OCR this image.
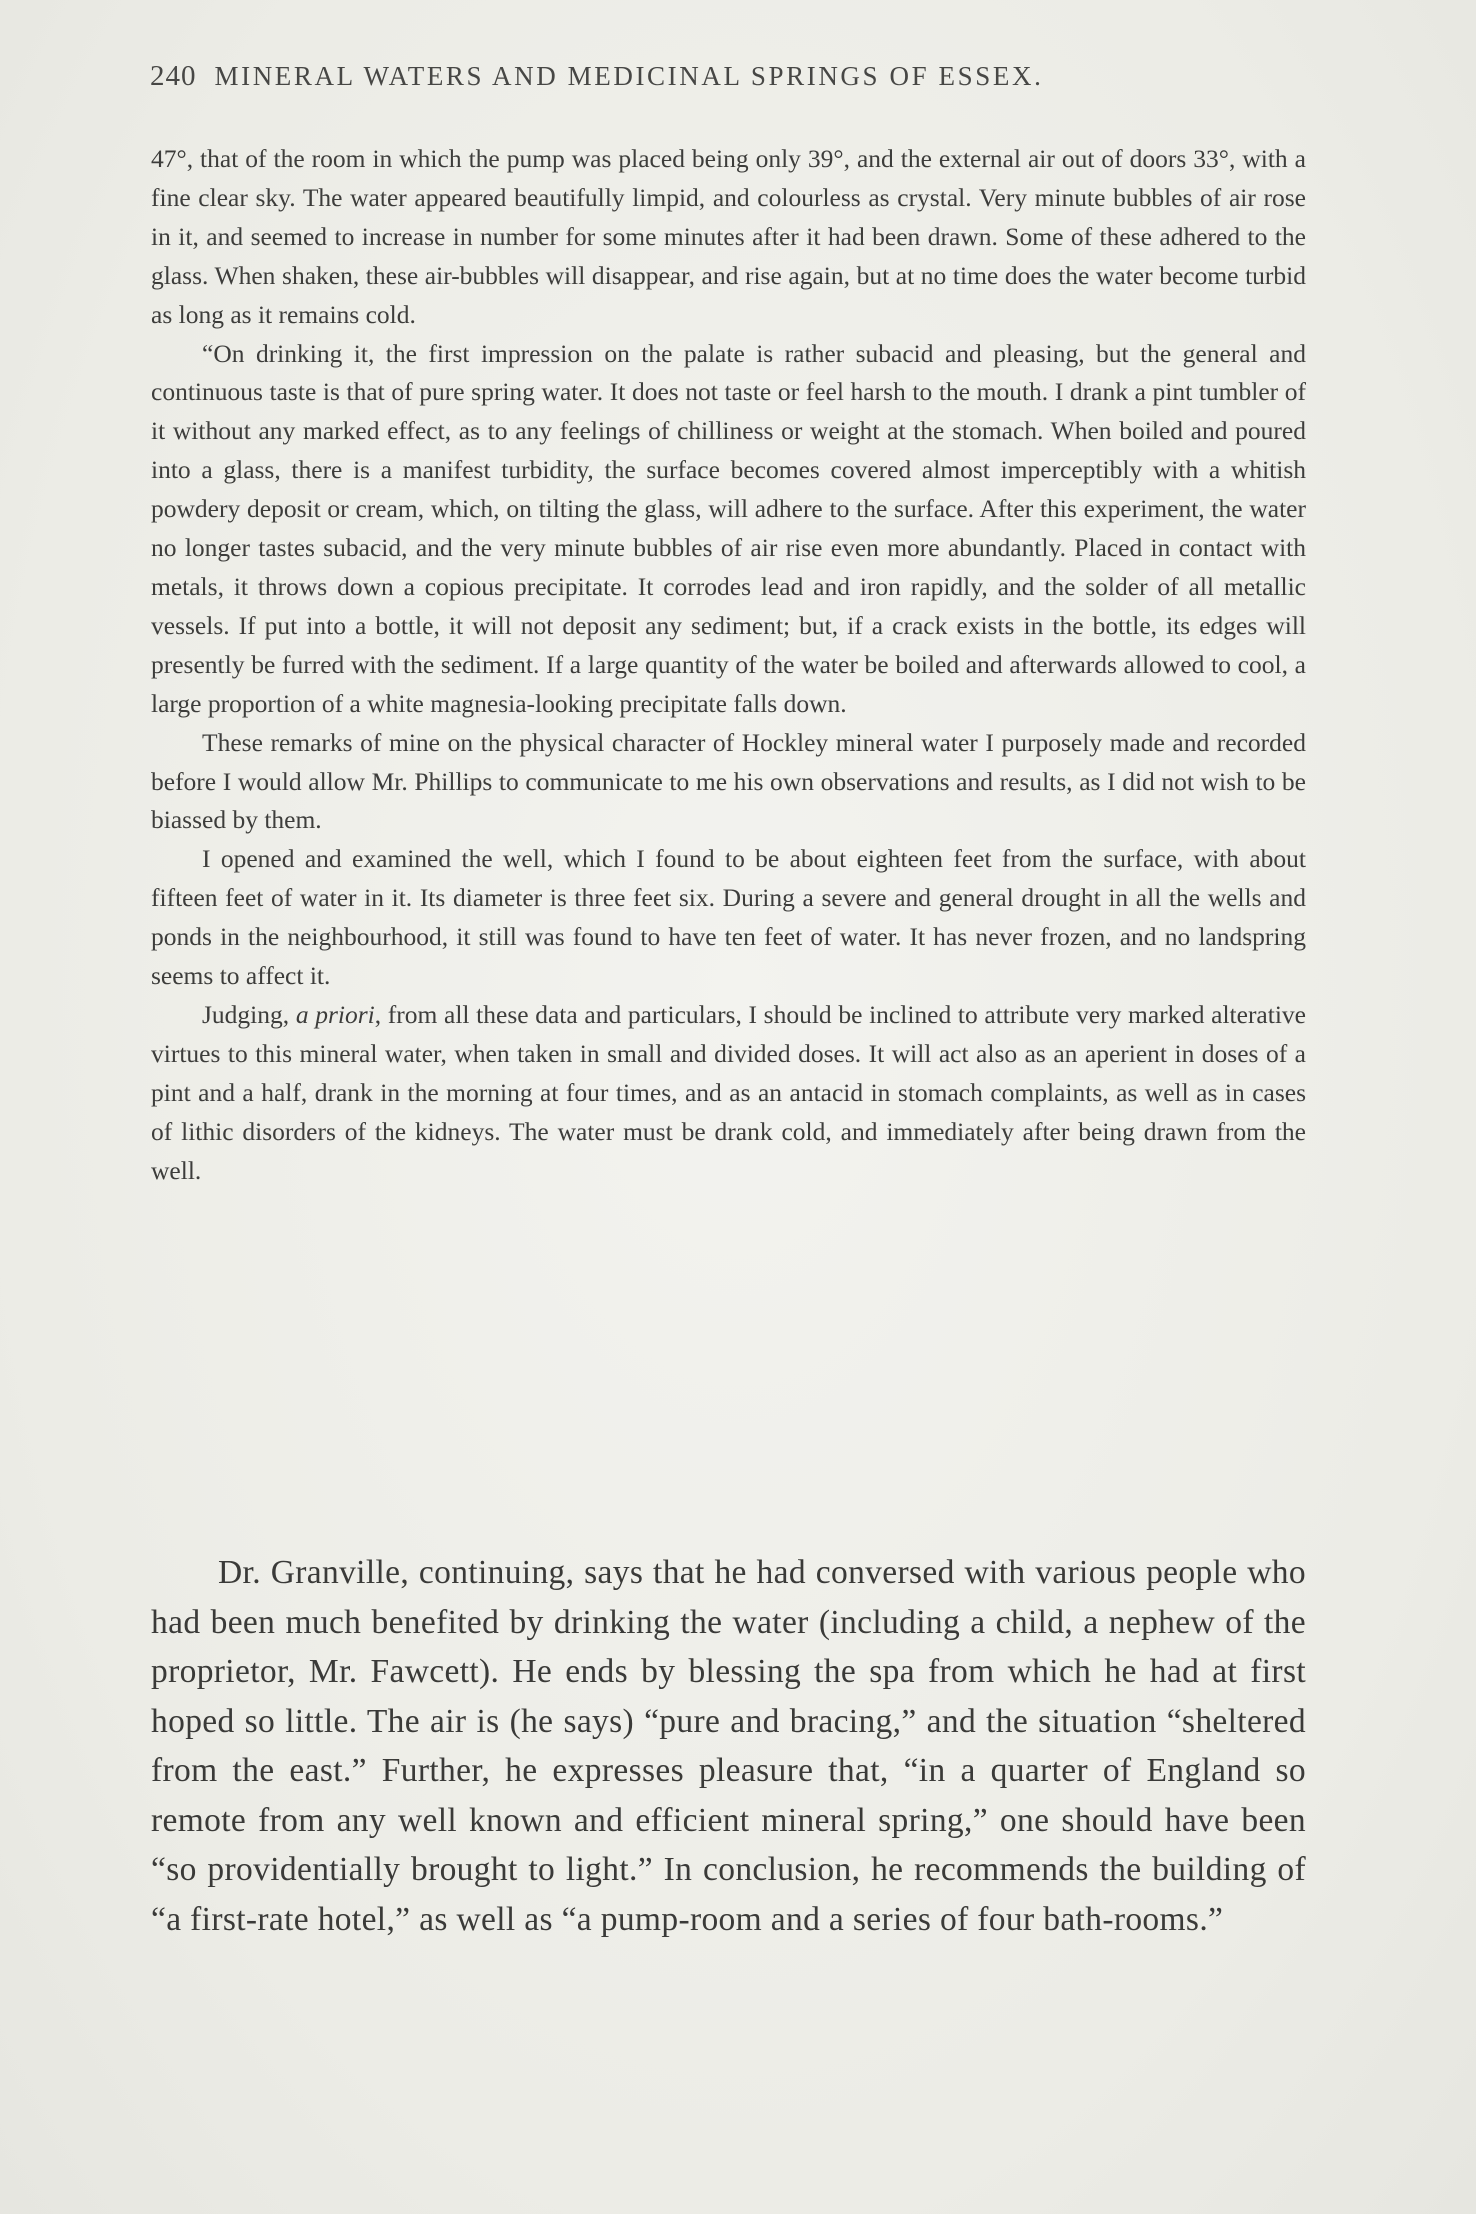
240 MINERAL WATERS AND MEDICINAL SPRINGS OF ESSEX.

47°, that of the room in which the pump was placed being only 39°, and the external air out of doors 33°, with a fine clear sky. The water appeared beautifully limpid, and colourless as crystal. Very minute bubbles of air rose in it, and seemed to increase in number for some minutes after it had been drawn. Some of these adhered to the glass. When shaken, these air-bubbles will disappear, and rise again, but at no time does the water become turbid as long as it remains cold.

“On drinking it, the first impression on the palate is rather subacid and pleasing, but the general and continuous taste is that of pure spring water. It does not taste or feel harsh to the mouth. I drank a pint tumbler of it without any marked effect, as to any feelings of chilliness or weight at the stomach. When boiled and poured into a glass, there is a manifest turbidity, the surface becomes covered almost imperceptibly with a whitish powdery deposit or cream, which, on tilting the glass, will adhere to the surface. After this experiment, the water no longer tastes subacid, and the very minute bubbles of air rise even more abundantly. Placed in contact with metals, it throws down a copious precipitate. It corrodes lead and iron rapidly, and the solder of all metallic vessels. If put into a bottle, it will not deposit any sediment; but, if a crack exists in the bottle, its edges will presently be furred with the sediment. If a large quantity of the water be boiled and afterwards allowed to cool, a large proportion of a white magnesia-looking precipitate falls down.

These remarks of mine on the physical character of Hockley mineral water I purposely made and recorded before I would allow Mr. Phillips to communicate to me his own observations and results, as I did not wish to be biassed by them.

I opened and examined the well, which I found to be about eighteen feet from the surface, with about fifteen feet of water in it. Its diameter is three feet six. During a severe and general drought in all the wells and ponds in the neighbourhood, it still was found to have ten feet of water. It has never frozen, and no landspring seems to affect it.

Judging, a priori, from all these data and particulars, I should be inclined to attribute very marked alterative virtues to this mineral water, when taken in small and divided doses. It will act also as an aperient in doses of a pint and a half, drank in the morning at four times, and as an antacid in stomach complaints, as well as in cases of lithic disorders of the kidneys. The water must be drank cold, and immediately after being drawn from the well.

Dr. Granville, continuing, says that he had conversed with various people who had been much benefited by drinking the water (including a child, a nephew of the proprietor, Mr. Fawcett). He ends by blessing the spa from which he had at first hoped so little. The air is (he says) “pure and bracing,” and the situation “sheltered from the east.” Further, he expresses pleasure that, “in a quarter of England so remote from any well known and efficient mineral spring,” one should have been “so providentially brought to light.” In conclusion, he recommends the building of “a first-rate hotel,” as well as “a pump-room and a series of four bath-rooms.”
